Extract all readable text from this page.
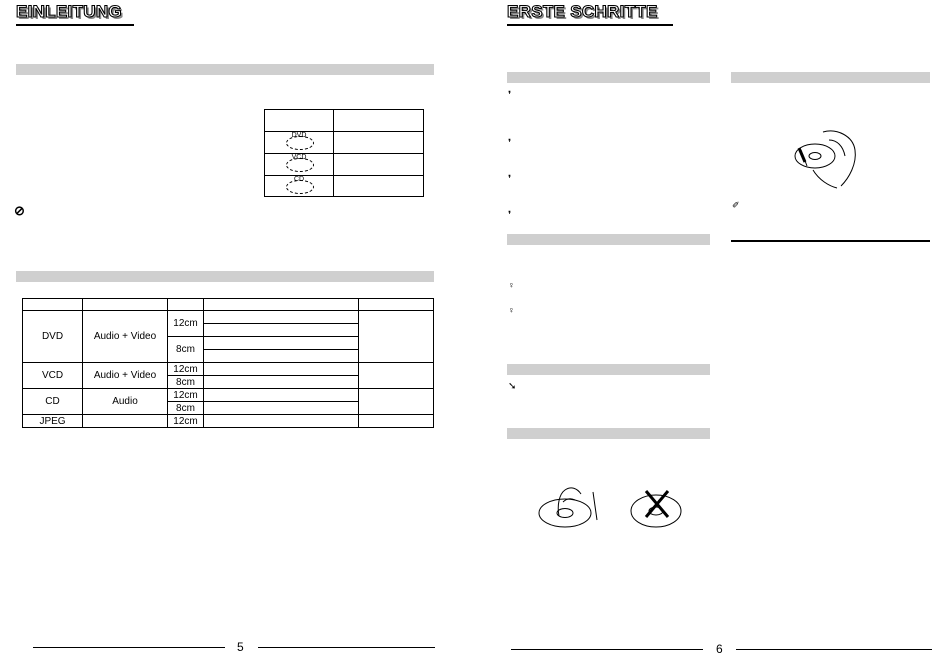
EINLEITUNG

DVD	

VCD	

CD	

⊘

DVD	Audio + Video	12cm		

		8cm		

VCD	Audio + Video	12cm		
		8cm		
CD	Audio	12cm		
		8cm		
JPEG		12cm		
5
ERSTE SCHRITTE
❜
❜
❜
❜
♀
♀
➘
✐
6
